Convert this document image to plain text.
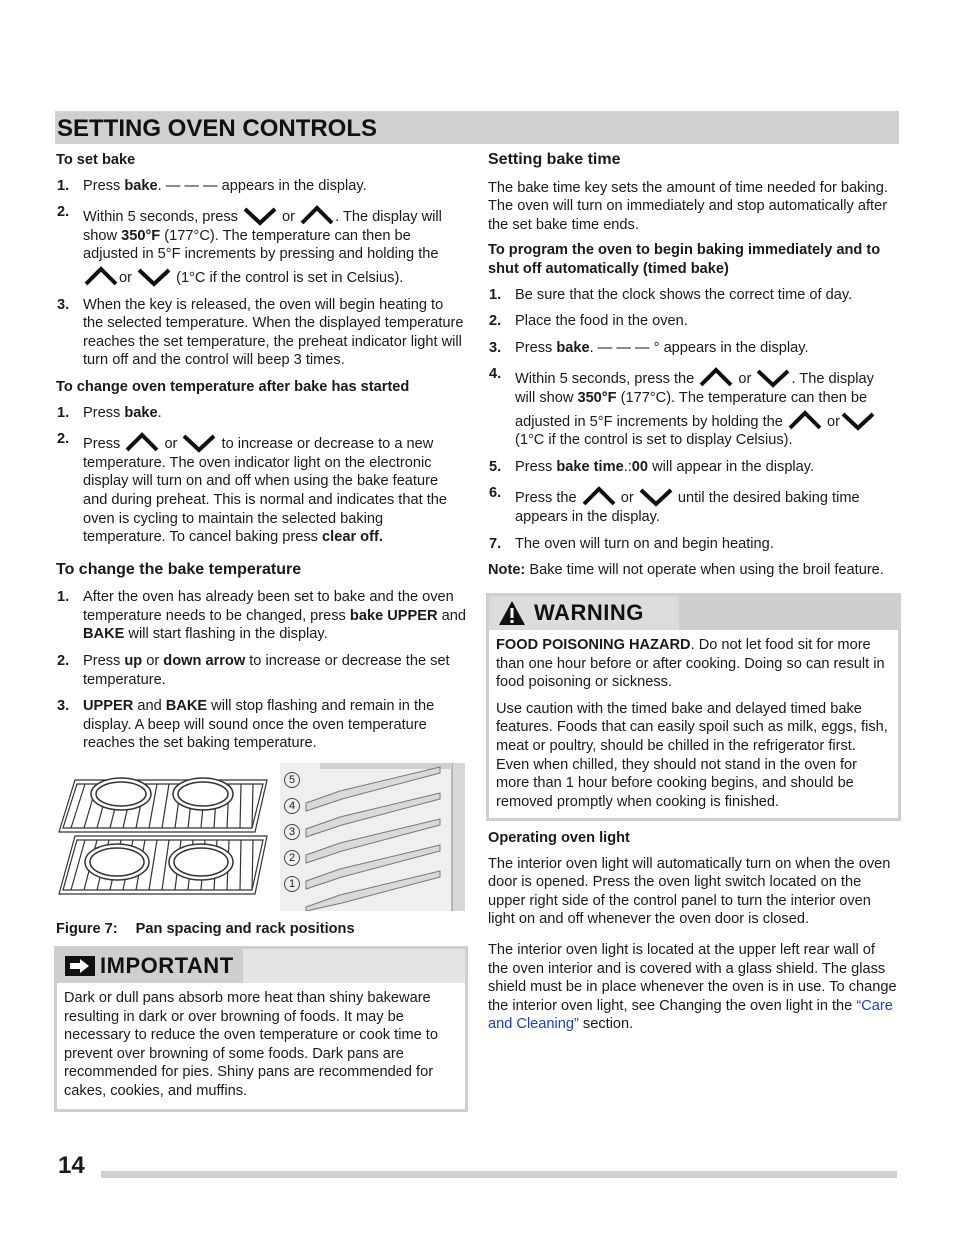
SETTING OVEN CONTROLS

To set bake

1. Press bake. — — — appears in the display.
2. Within 5 seconds, press	or	. The display will show 350°F (177°C). The temperature can then be adjusted in 5°F increments by pressing and holding the
or	(1°C if the control is set in Celsius).
3. When the key is released, the oven will begin heating to the selected temperature. When the displayed temperature reaches the set temperature, the preheat indicator light will turn off and the control will beep 3 times.

To change oven temperature after bake has started

1. Press bake.
2. Press	or	to increase or decrease to a new temperature. The oven indicator light on the electronic display will turn on and off when using the bake feature and during preheat. This is normal and indicates that the oven is cycling to maintain the selected baking temperature. To cancel baking press clear off.

To change the bake temperature

1. After the oven has already been set to bake and the oven temperature needs to be changed, press bake UPPER and BAKE will start flashing in the display.
2. Press up or down arrow to increase or decrease the set temperature.
3. UPPER and BAKE will stop flashing and remain in the display. A beep will sound once the oven temperature reaches the set baking temperature.
5
4
3
2
1
Figure 7: Pan spacing and rack positions
IMPORTANT

Dark or dull pans absorb more heat than shiny bakeware resulting in dark or over browning of foods. It may be necessary to reduce the oven temperature or cook time to prevent over browning of some foods. Dark pans are recommended for pies. Shiny pans are recommended for cakes, cookies, and muffins.

Setting bake time

The bake time key sets the amount of time needed for baking. The oven will turn on immediately and stop automatically after the set bake time ends.

To program the oven to begin baking immediately and to shut off automatically (timed bake)

1. Be sure that the clock shows the correct time of day.
2. Place the food in the oven.
3. Press bake. — — — ° appears in the display.
4. Within 5 seconds, press the	or	. The display will show 350°F (177°C). The temperature can then be adjusted in 5°F increments by holding the	or(1°C if the control is set to display Celsius).
5. Press bake time.:00 will appear in the display.
6. Press the	or	until the desired baking time appears in the display.
7. The oven will turn on and begin heating.

Note: Bake time will not operate when using the broil feature.

WARNING

FOOD POISONING HAZARD. Do not let food sit for more than one hour before or after cooking. Doing so can result in food poisoning or sickness.

Use caution with the timed bake and delayed timed bake features. Foods that can easily spoil such as milk, eggs, fish, meat or poultry, should be chilled in the refrigerator first. Even when chilled, they should not stand in the oven for more than 1 hour before cooking begins, and should be removed promptly when cooking is finished.

Operating oven light

The interior oven light will automatically turn on when the oven door is opened. Press the oven light switch located on the upper right side of the control panel to turn the interior oven light on and off whenever the oven door is closed.

The interior oven light is located at the upper left rear wall of the oven interior and is covered with a glass shield. The glass shield must be in place whenever the oven is in use. To change the interior oven light, see Changing the oven light in the “Care and Cleaning” section.

14
